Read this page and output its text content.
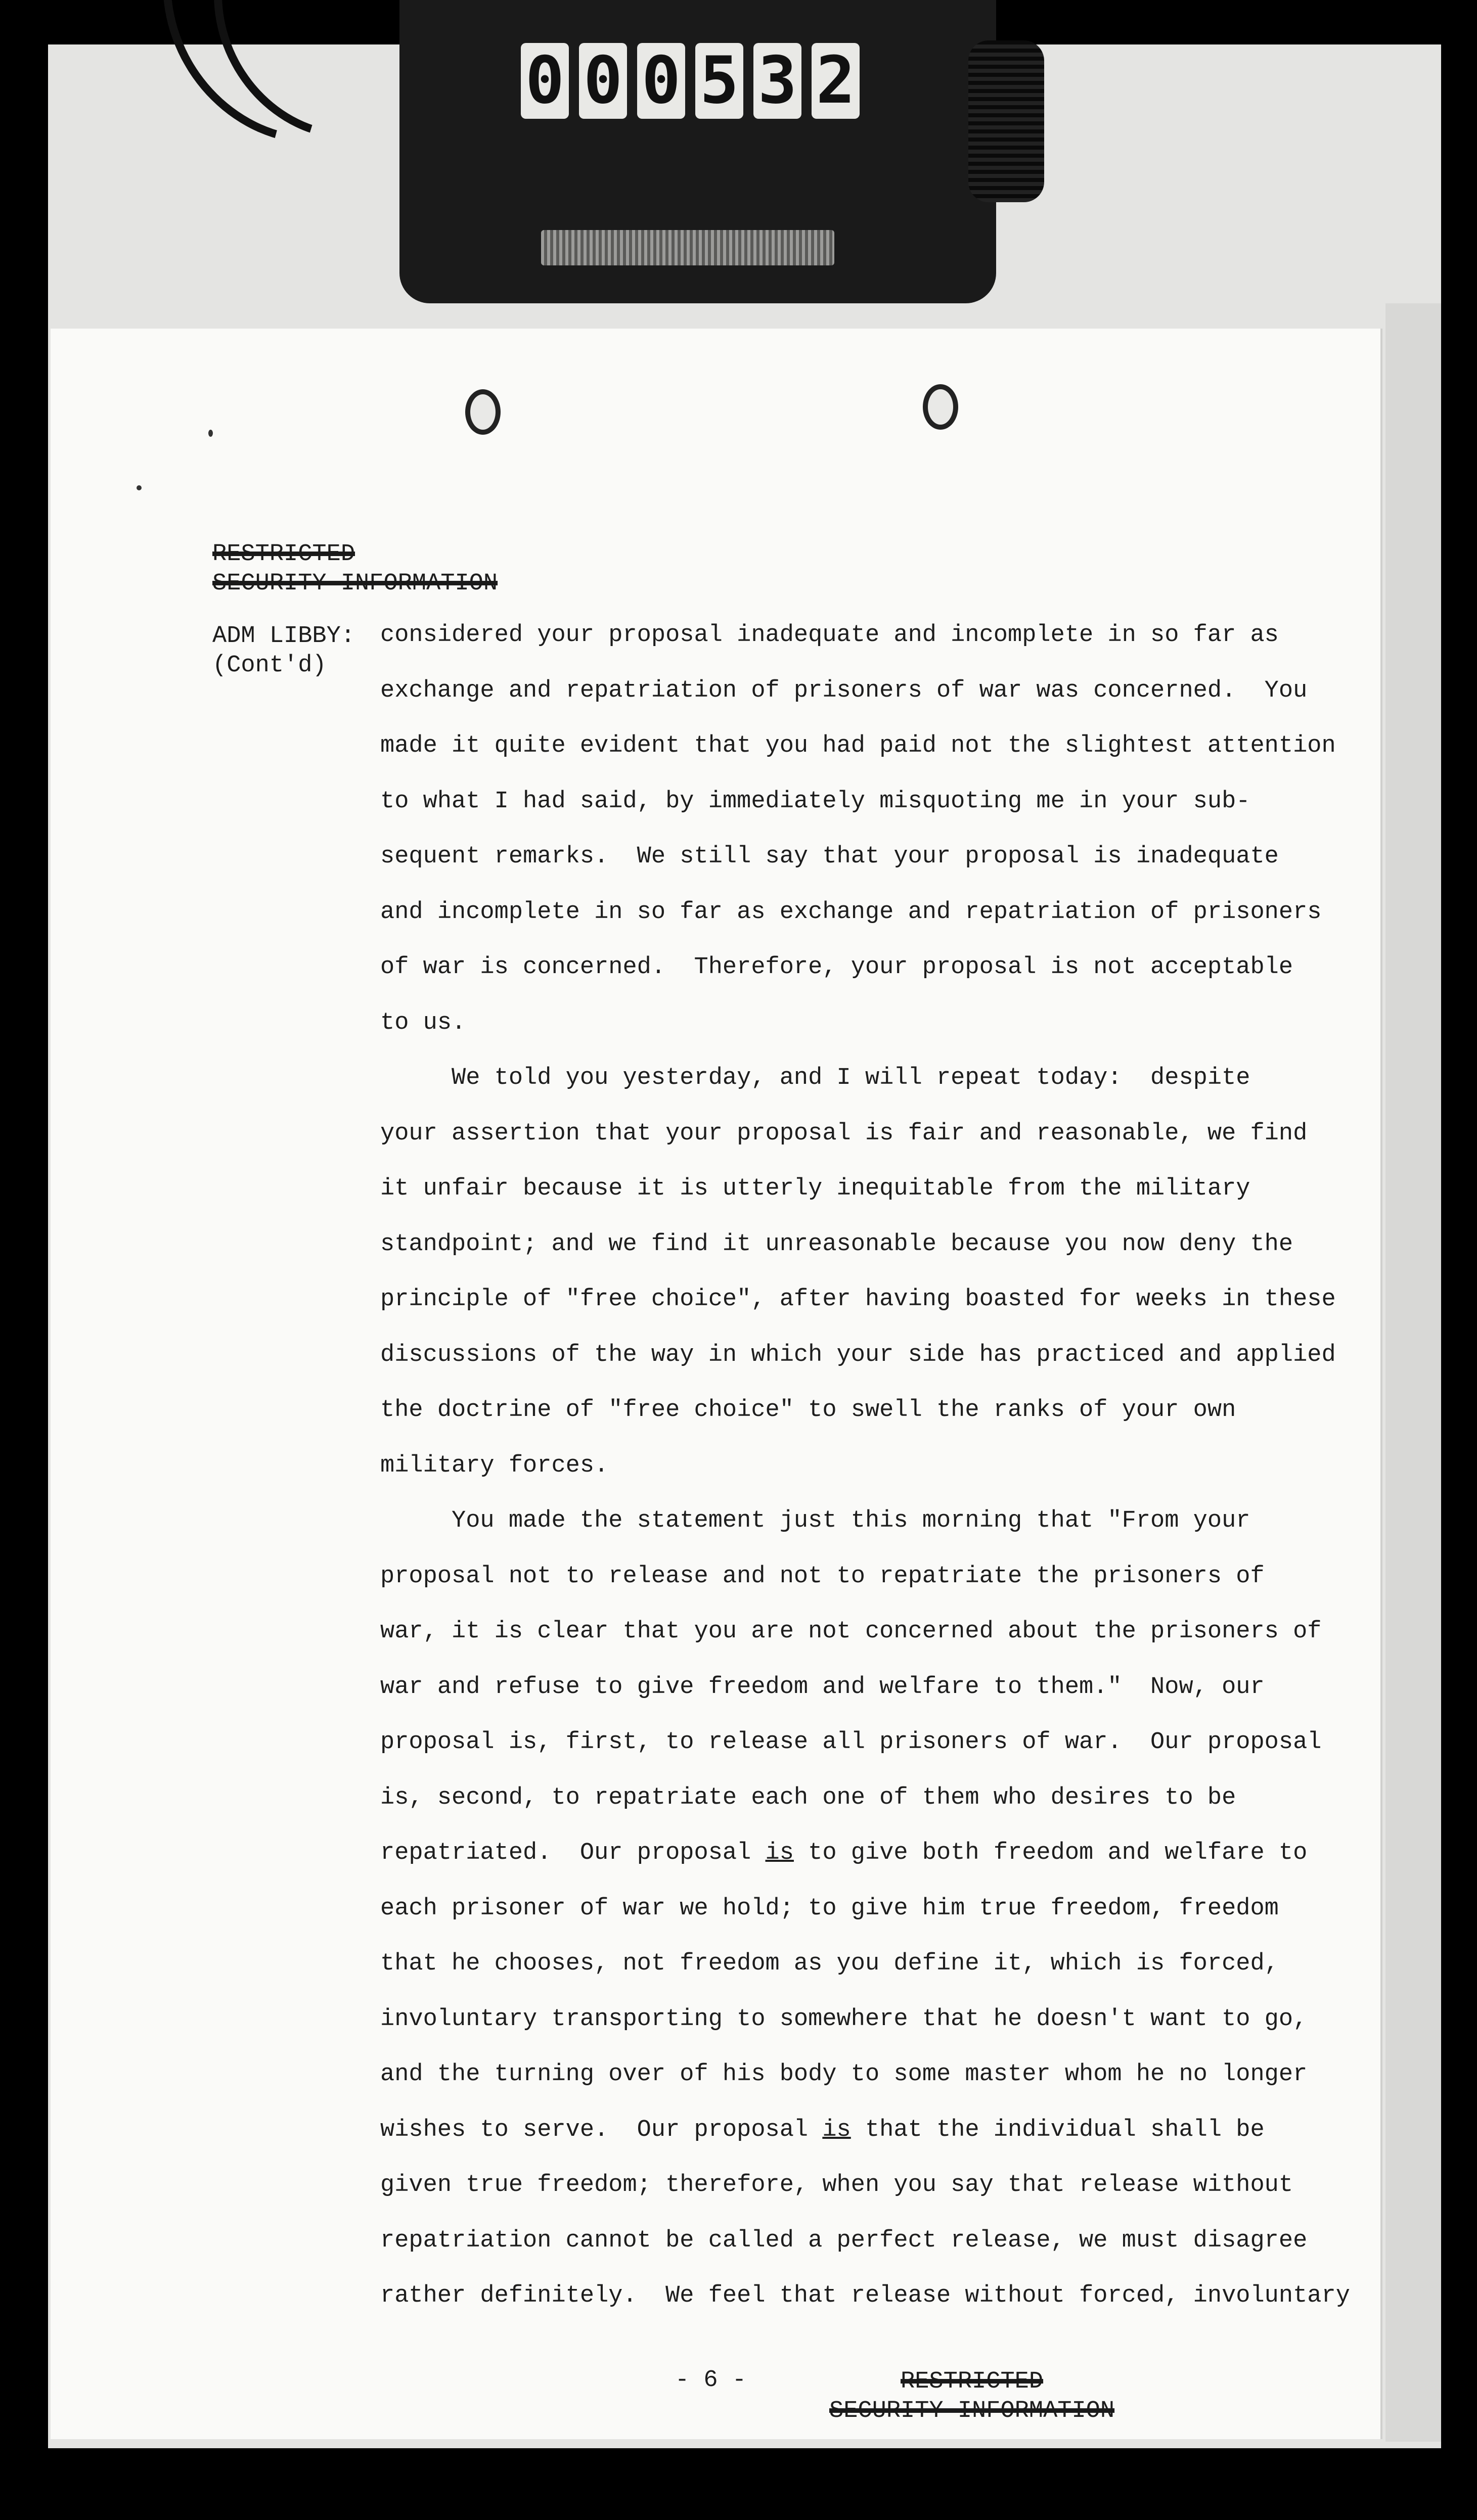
0 0 0 5 3 2
RESTRICTED
SECURITY INFORMATION
ADM LIBBY:
(Cont'd)
considered your proposal inadequate and incomplete in so far as
exchange and repatriation of prisoners of war was concerned.  You
made it quite evident that you had paid not the slightest attention
to what I had said, by immediately misquoting me in your sub-
sequent remarks.  We still say that your proposal is inadequate
and incomplete in so far as exchange and repatriation of prisoners
of war is concerned.  Therefore, your proposal is not acceptable
to us.
We told you yesterday, and I will repeat today:  despite
your assertion that your proposal is fair and reasonable, we find
it unfair because it is utterly inequitable from the military
standpoint; and we find it unreasonable because you now deny the
principle of "free choice", after having boasted for weeks in these
discussions of the way in which your side has practiced and applied
the doctrine of "free choice" to swell the ranks of your own
military forces.
You made the statement just this morning that "From your
proposal not to release and not to repatriate the prisoners of
war, it is clear that you are not concerned about the prisoners of
war and refuse to give freedom and welfare to them."  Now, our
proposal is, first, to release all prisoners of war.  Our proposal
is, second, to repatriate each one of them who desires to be
repatriated.  Our proposal is to give both freedom and welfare to
each prisoner of war we hold; to give him true freedom, freedom
that he chooses, not freedom as you define it, which is forced,
involuntary transporting to somewhere that he doesn't want to go,
and the turning over of his body to some master whom he no longer
wishes to serve.  Our proposal is that the individual shall be
given true freedom; therefore, when you say that release without
repatriation cannot be called a perfect release, we must disagree
rather definitely.  We feel that release without forced, involuntary
- 6 -	RESTRICTED
SECURITY INFORMATION
